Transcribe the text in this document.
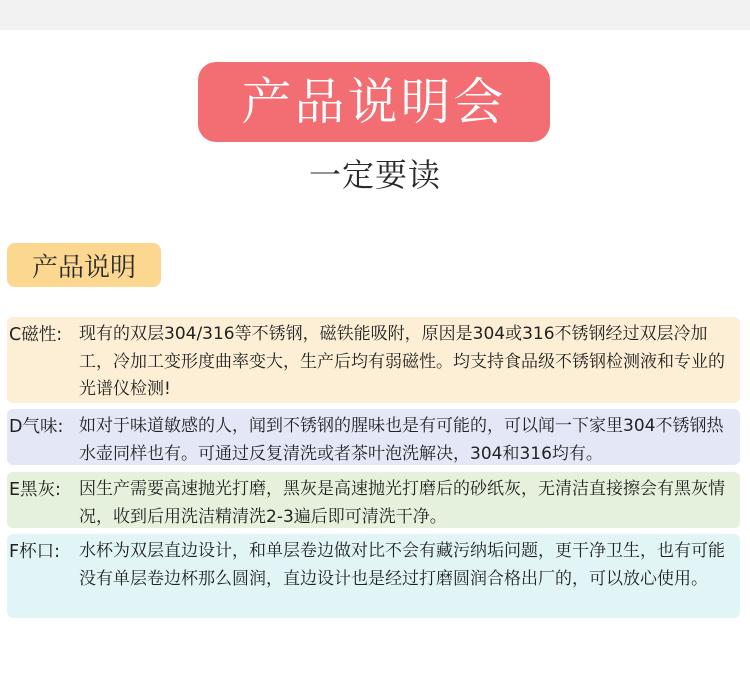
产品说明会
一定要读
产品说明
C磁性: 现有的双层304/316等不锈钢，磁铁能吸附，原因是304或316不锈钢经过双层冷加工，冷加工变形度曲率变大，生产后均有弱磁性。均支持食品级不锈钢检测液和专业的光谱仪检测!
D气味: 如对于味道敏感的人，闻到不锈钢的腥味也是有可能的，可以闻一下家里304不锈钢热水壶同样也有。可通过反复清洗或者茶叶泡洗解决，304和316均有。
E黑灰:	因生产需要高速抛光打磨，黑灰是高速抛光打磨后的砂纸灰，无清洁直接擦会有黑灰情况，收到后用洗洁精清洗2-3遍后即可清洗干净。
F杯口:	水杯为双层直边设计，和单层卷边做对比不会有藏污纳垢问题，更干净卫生，也有可能没有单层卷边杯那么圆润，直边设计也是经过打磨圆润合格出厂的，可以放心使用。
